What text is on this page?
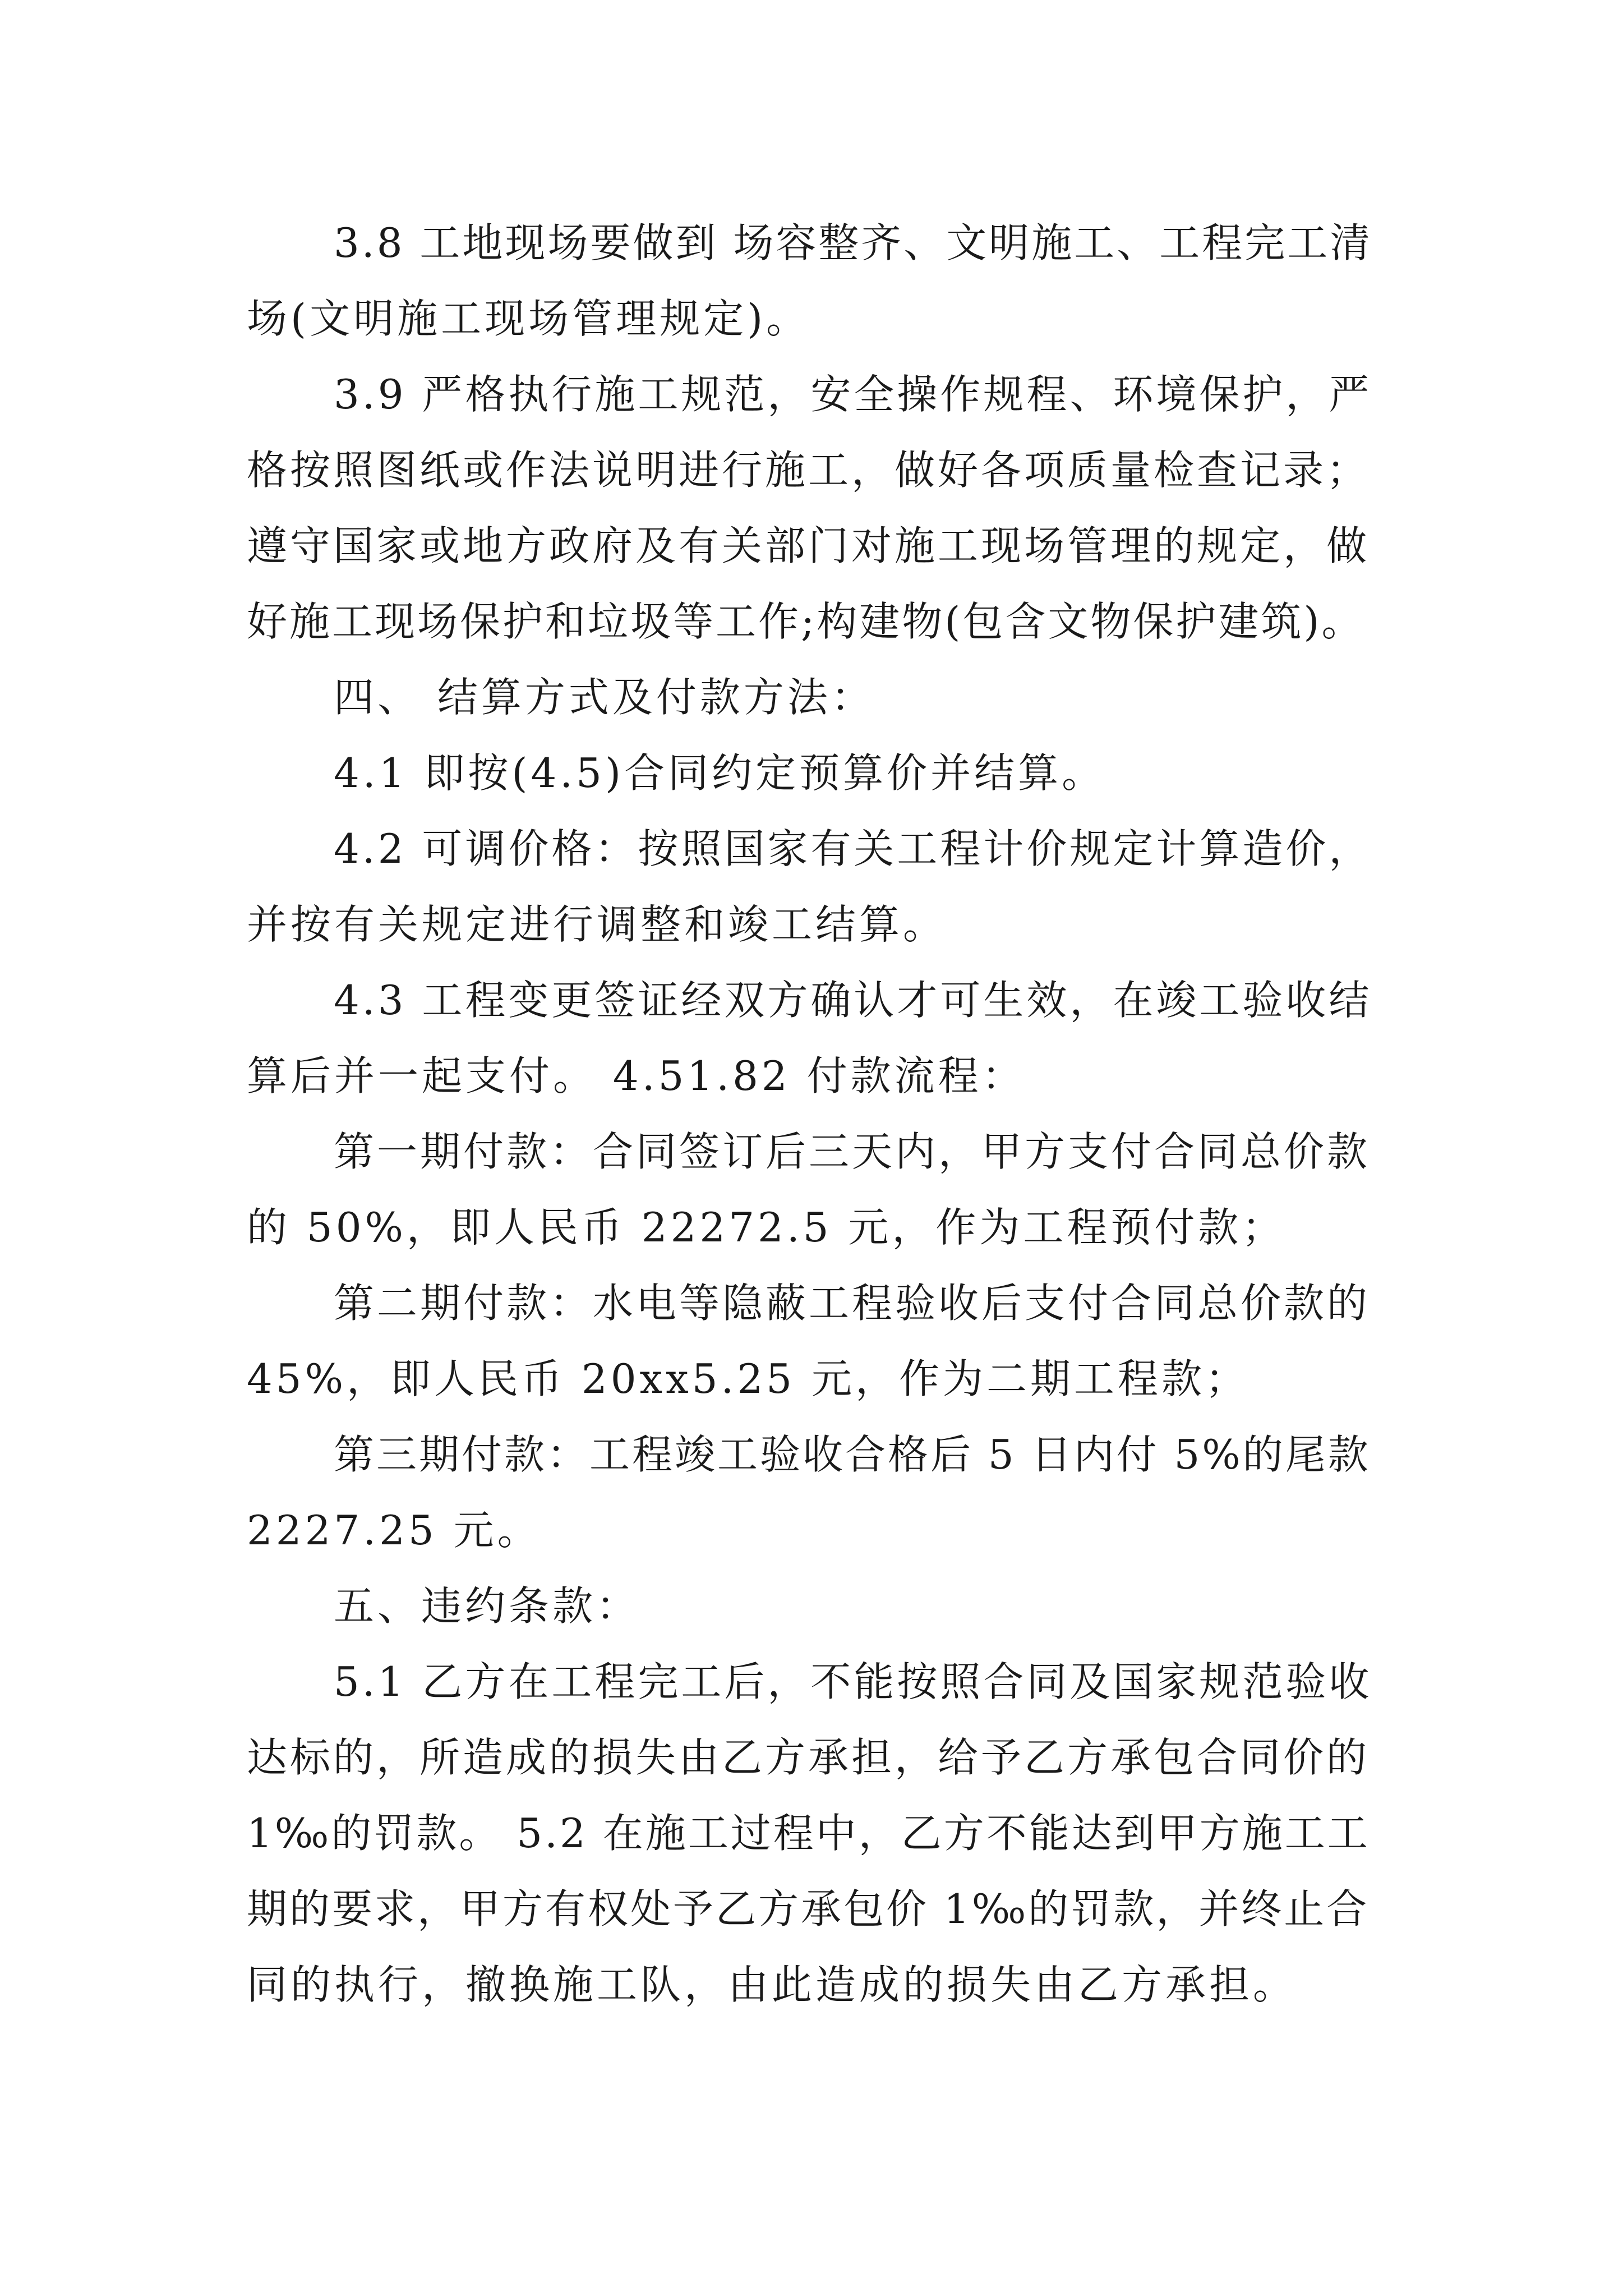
3.8 工地现场要做到 场容整齐、文明施工、工程完工清
场(文明施工现场管理规定)。
3.9 严格执行施工规范，安全操作规程、环境保护，严
格按照图纸或作法说明进行施工，做好各项质量检查记录；
遵守国家或地方政府及有关部门对施工现场管理的规定，做
好施工现场保护和垃圾等工作;构建物(包含文物保护建筑)。
四、 结算方式及付款方法：
4.1 即按(4.5)合同约定预算价并结算。
4.2 可调价格：按照国家有关工程计价规定计算造价，
并按有关规定进行调整和竣工结算。
4.3 工程变更签证经双方确认才可生效，在竣工验收结
算后并一起支付。 4.51.82 付款流程：
第一期付款：合同签订后三天内，甲方支付合同总价款
的 50%，即人民币 22272.5 元，作为工程预付款；
第二期付款：水电等隐蔽工程验收后支付合同总价款的
45%，即人民币 20xx5.25 元，作为二期工程款；
第三期付款：工程竣工验收合格后 5 日内付 5%的尾款
2227.25 元。
五、违约条款：
5.1 乙方在工程完工后，不能按照合同及国家规范验收
达标的，所造成的损失由乙方承担，给予乙方承包合同价的
1‰的罚款。 5.2 在施工过程中，乙方不能达到甲方施工工
期的要求，甲方有权处予乙方承包价 1‰的罚款，并终止合
同的执行，撤换施工队，由此造成的损失由乙方承担。
